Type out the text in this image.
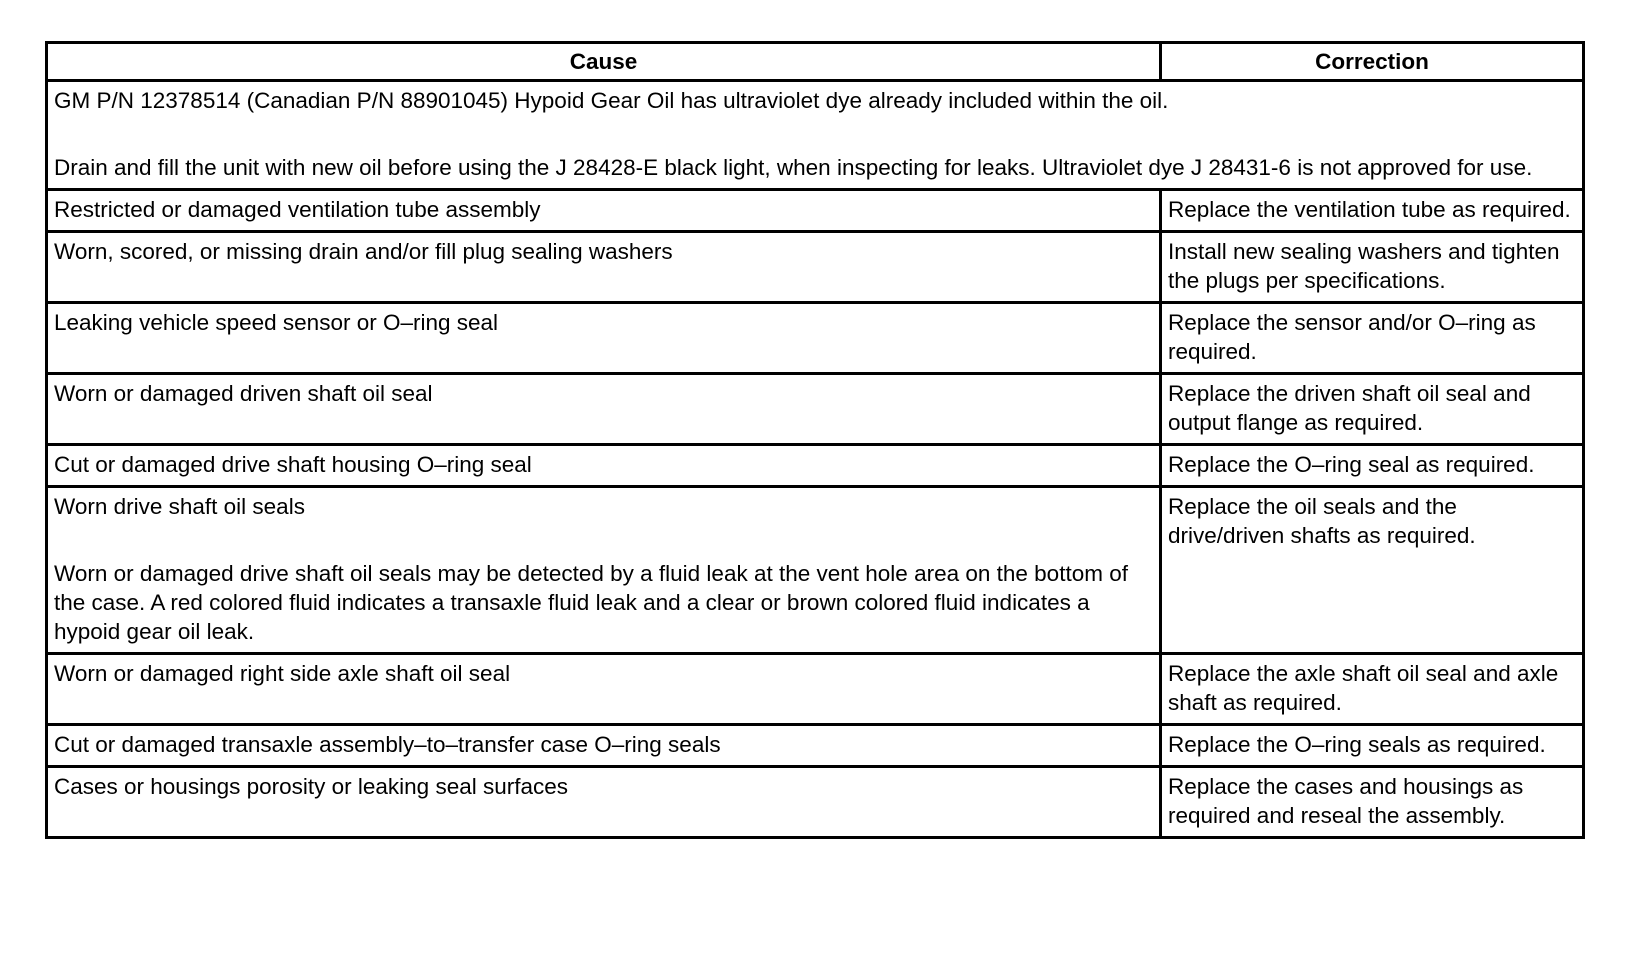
Cause	Correction

GM P/N 12378514 (Canadian P/N 88901045) Hypoid Gear Oil has ultraviolet dye already included within the oil.

Drain and fill the unit with new oil before using the J 28428-E black light, when inspecting for leaks. Ultraviolet dye J 28431-6 is not approved for use.	

Restricted or damaged ventilation tube assembly	Replace the ventilation tube as required.
Worn, scored, or missing drain and/or fill plug sealing washers	Install new sealing washers and tighten the plugs per specifications.
Leaking vehicle speed sensor or O–ring seal	Replace the sensor and/or O–ring as required.
Worn or damaged driven shaft oil seal	Replace the driven shaft oil seal and output flange as required.
Cut or damaged drive shaft housing O–ring seal	Replace the O–ring seal as required.

Worn drive shaft oil seals

Worn or damaged drive shaft oil seals may be detected by a fluid leak at the vent hole area on the bottom of the case. A red colored fluid indicates a transaxle fluid leak and a clear or brown colored fluid indicates a hypoid gear oil leak.	Replace the oil seals and the drive/driven shafts as required.
Worn or damaged right side axle shaft oil seal	Replace the axle shaft oil seal and axle shaft as required.
Cut or damaged transaxle assembly–to–transfer case O–ring seals	Replace the O–ring seals as required.
Cases or housings porosity or leaking seal surfaces	Replace the cases and housings as required and reseal the assembly.
